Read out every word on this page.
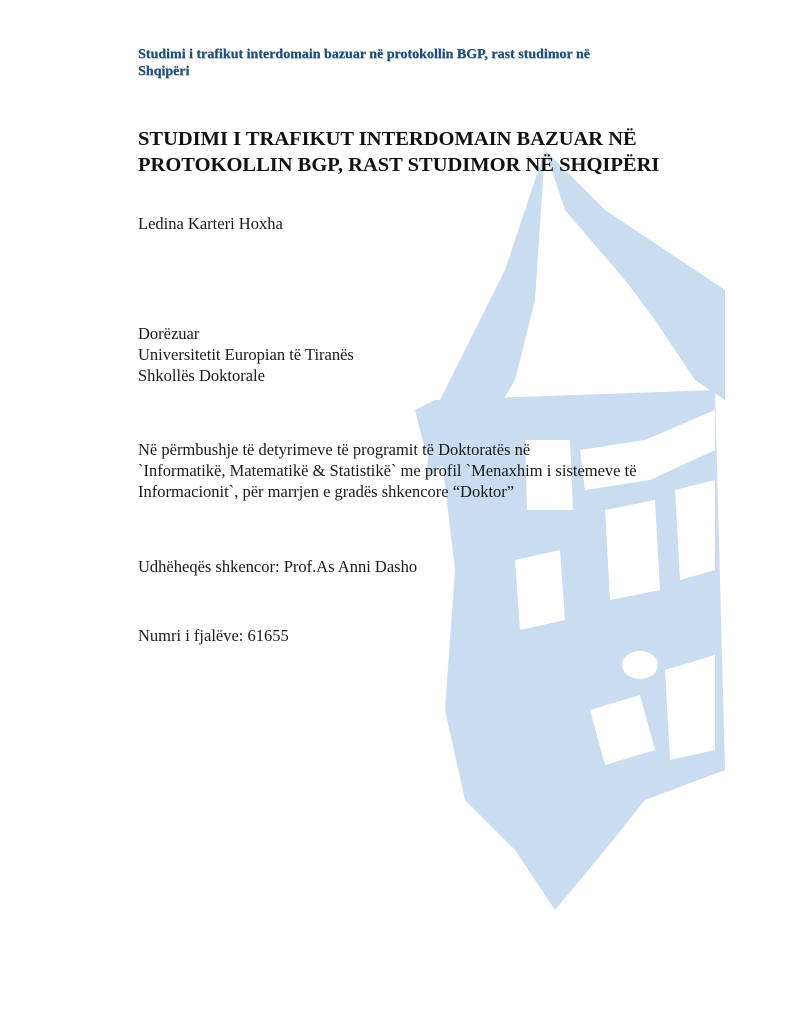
Studimi i trafikut interdomain bazuar në protokollin BGP, rast studimor në
Shqipëri
STUDIMI I TRAFIKUT INTERDOMAIN BAZUAR NË
PROTOKOLLIN BGP, RAST STUDIMOR NË SHQIPËRI
Ledina Karteri Hoxha
Dorëzuar
Universitetit Europian të Tiranës
Shkollës Doktorale
Në përmbushje të detyrimeve të programit të Doktoratës në
`Informatikë, Matematikë & Statistikë` me profil `Menaxhim i sistemeve të
Informacionit`, për marrjen e gradës shkencore “Doktor”
Udhëheqës shkencor: Prof.As Anni Dasho
Numri i fjalëve: 61655
